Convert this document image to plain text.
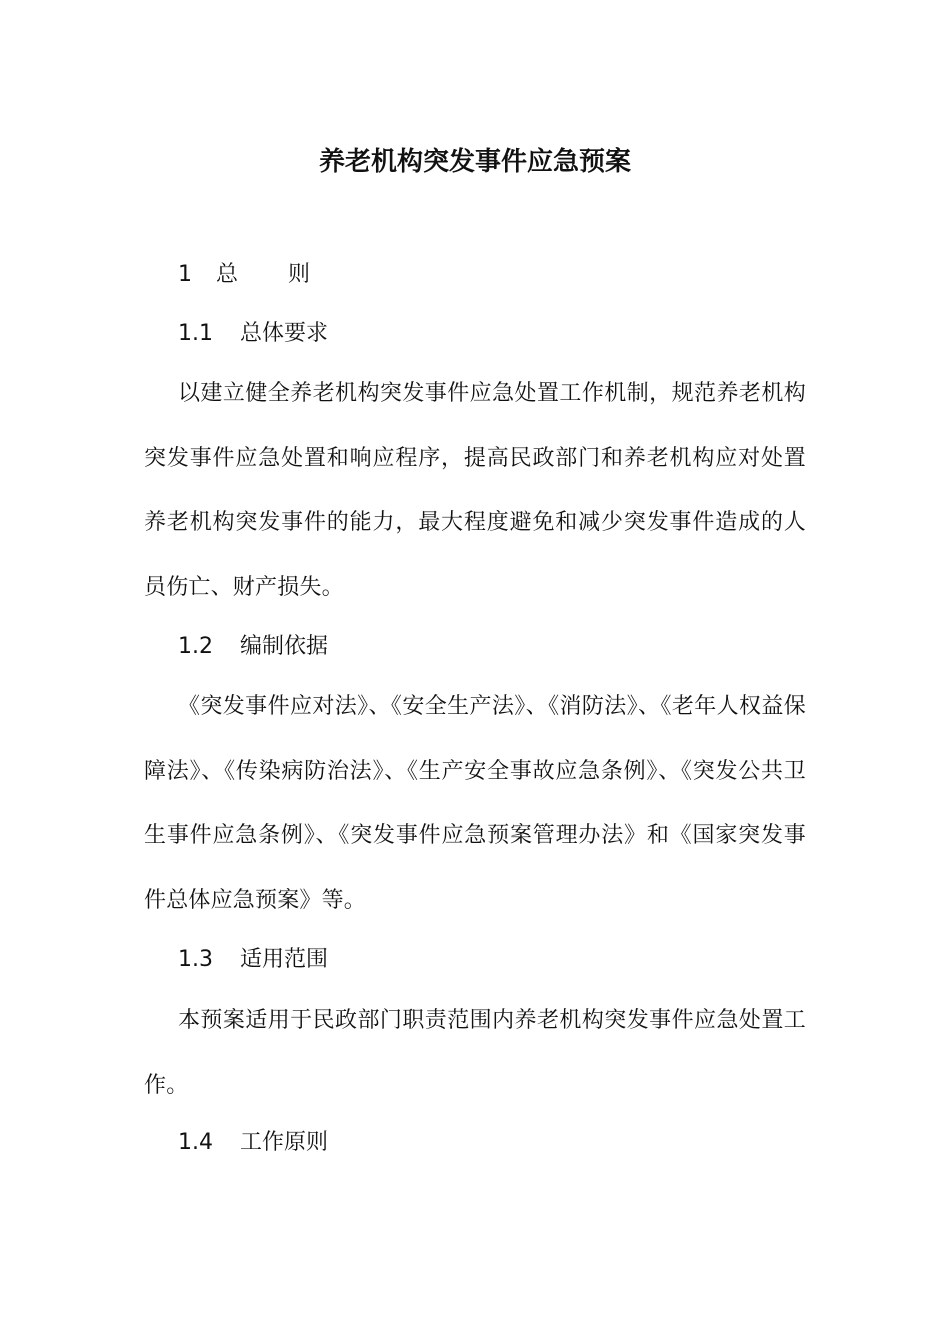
养老机构突发事件应急预案
1 总则
1.1 总体要求
以建立健全养老机构突发事件应急处置工作机制，规范养老机构突发事件应急处置和响应程序，提高民政部门和养老机构应对处置养老机构突发事件的能力，最大程度避免和减少突发事件造成的人员伤亡、财产损失。
1.2 编制依据
《突发事件应对法》、《安全生产法》、《消防法》、《老年人权益保障法》、《传染病防治法》、《生产安全事故应急条例》、《突发公共卫生事件应急条例》、《突发事件应急预案管理办法》和《国家突发事件总体应急预案》等。
1.3 适用范围
本预案适用于民政部门职责范围内养老机构突发事件应急处置工作。
1.4 工作原则
